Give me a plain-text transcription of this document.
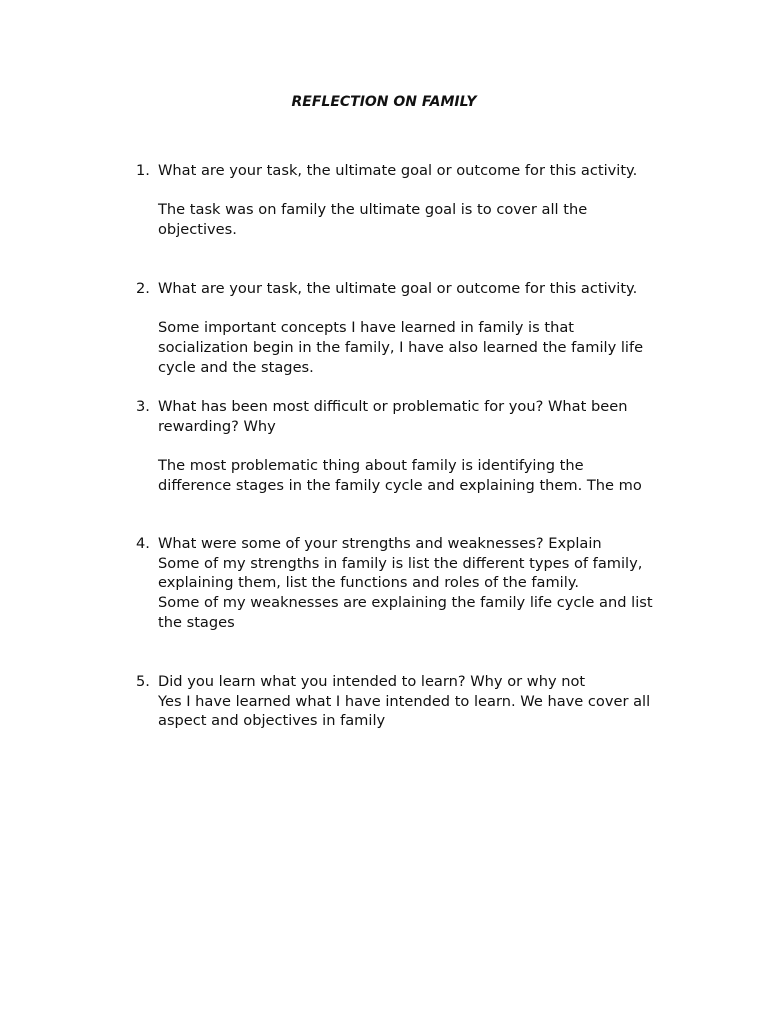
REFLECTION ON FAMILY
1. What are your task, the ultimate goal or outcome for this activity.
The task was on family the ultimate goal is to cover all the
objectives.
2. What are your task, the ultimate goal or outcome for this activity.
Some important concepts I have learned in family is that
socialization begin in the family, I have also learned the family life
cycle and the stages.
3. What has been most difficult or problematic for you? What been
rewarding? Why
The most problematic thing about family is identifying the
difference stages in the family cycle and explaining them. The mo
4. What were some of your strengths and weaknesses? Explain
Some of my strengths in family is list the different types of family,
explaining them, list the functions and roles of the family.
Some of my weaknesses are explaining the family life cycle and list
the stages
5. Did you learn what you intended to learn? Why or why not
Yes I have learned what I have intended to learn. We have cover all
aspect and objectives in family
